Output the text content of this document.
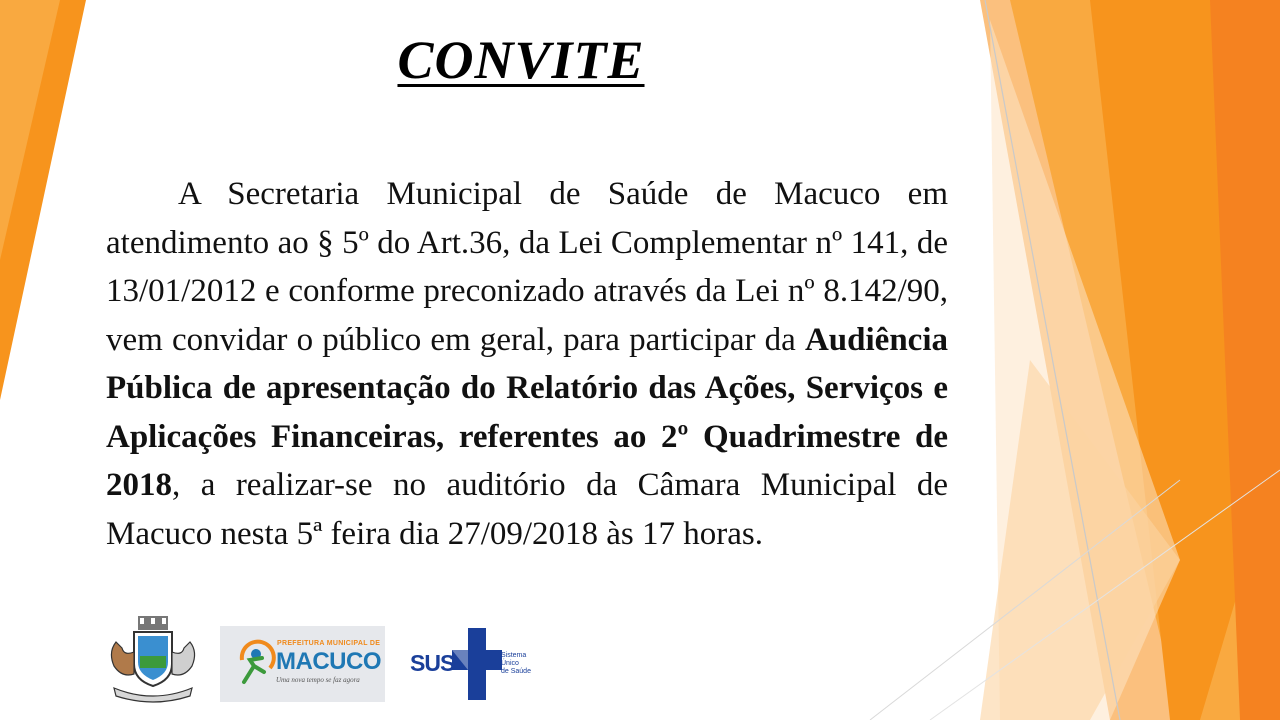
CONVITE

A Secretaria Municipal de Saúde de Macuco em atendimento ao § 5º do Art.36, da Lei Complementar nº 141, de 13/01/2012 e conforme preconizado através da Lei nº 8.142/90, vem convidar o público em geral, para participar da Audiência Pública de apresentação do Relatório das Ações, Serviços e Aplicações Financeiras, referentes ao 2º Quadrimestre de 2018, a realizar-se no auditório da Câmara Municipal de Macuco nesta 5ª feira dia 27/09/2018 às 17 horas.

PREFEITURA MUNICIPAL DE
MACUCO
Uma nova tempo se faz agora
SUS	Sistema
Único
de Saúde
